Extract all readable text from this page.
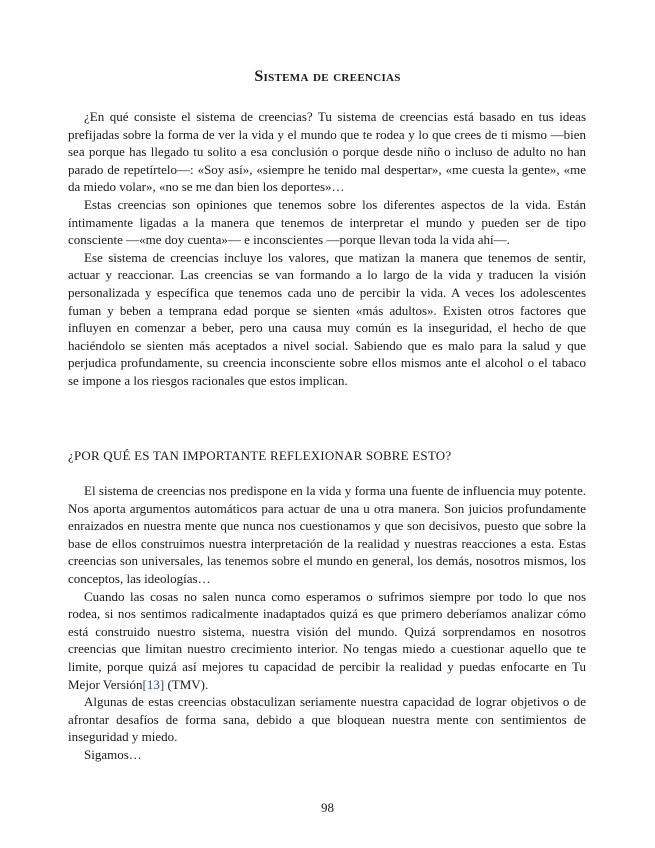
Sistema de creencias

¿En qué consiste el sistema de creencias? Tu sistema de creencias está basado en tus ideas prefijadas sobre la forma de ver la vida y el mundo que te rodea y lo que crees de ti mismo —bien sea porque has llegado tu solito a esa conclusión o porque desde niño o incluso de adulto no han parado de repetírtelo—: «Soy así», «siempre he tenido mal despertar», «me cuesta la gente», «me da miedo volar», «no se me dan bien los deportes»…

Estas creencias son opiniones que tenemos sobre los diferentes aspectos de la vida. Están íntimamente ligadas a la manera que tenemos de interpretar el mundo y pueden ser de tipo consciente —«me doy cuenta»— e inconscientes —porque llevan toda la vida ahí—.

Ese sistema de creencias incluye los valores, que matizan la manera que tenemos de sentir, actuar y reaccionar. Las creencias se van formando a lo largo de la vida y traducen la visión personalizada y específica que tenemos cada uno de percibir la vida. A veces los adolescentes fuman y beben a temprana edad porque se sienten «más adultos». Existen otros factores que influyen en comenzar a beber, pero una causa muy común es la inseguridad, el hecho de que haciéndolo se sienten más aceptados a nivel social. Sabiendo que es malo para la salud y que perjudica profundamente, su creencia inconsciente sobre ellos mismos ante el alcohol o el tabaco se impone a los riesgos racionales que estos implican.

¿POR QUÉ ES TAN IMPORTANTE REFLEXIONAR SOBRE ESTO?

El sistema de creencias nos predispone en la vida y forma una fuente de influencia muy potente. Nos aporta argumentos automáticos para actuar de una u otra manera. Son juicios profundamente enraizados en nuestra mente que nunca nos cuestionamos y que son decisivos, puesto que sobre la base de ellos construimos nuestra interpretación de la realidad y nuestras reacciones a esta. Estas creencias son universales, las tenemos sobre el mundo en general, los demás, nosotros mismos, los conceptos, las ideologías…

Cuando las cosas no salen nunca como esperamos o sufrimos siempre por todo lo que nos rodea, si nos sentimos radicalmente inadaptados quizá es que primero deberíamos analizar cómo está construido nuestro sistema, nuestra visión del mundo. Quizá sorprendamos en nosotros creencias que limitan nuestro crecimiento interior. No tengas miedo a cuestionar aquello que te limite, porque quizá así mejores tu capacidad de percibir la realidad y puedas enfocarte en Tu Mejor Versión[13] (TMV).

Algunas de estas creencias obstaculizan seriamente nuestra capacidad de lograr objetivos o de afrontar desafíos de forma sana, debido a que bloquean nuestra mente con sentimientos de inseguridad y miedo.

Sigamos…

98
